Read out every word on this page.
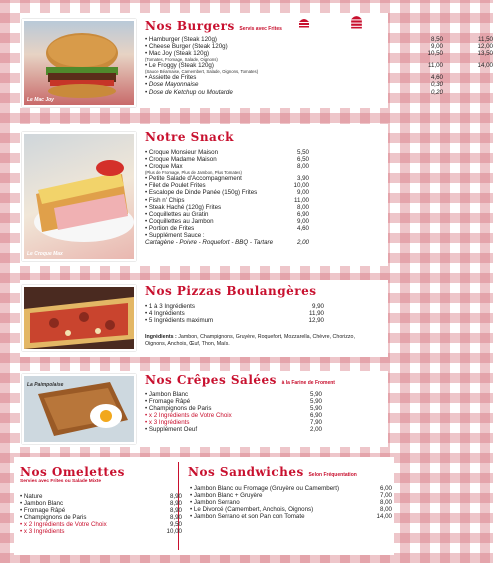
Le Mac Joy
Nos Burgers Servis avec Frites
• Hamburger (Steak 120g)	8,50	11,50
• Cheese Burger (Steak 120g)	9,00	12,00
• Mac Joy (Steak 120g)	10,50	13,50
(Tomates, Fromage, Salade, Oignons)
• Le Froggy (Steak 120g)	11,00	14,00
(Sauce Béarnaise, Camembert, Salade, Oignons, Tomates)
• Assiette de Frites	4,60
• Dose Mayonnaise	0,30
• Dose de Ketchup ou Moutarde	0,20
Le Croque Max
Notre Snack
• Croque Monsieur Maison	5,50
• Croque Madame Maison	6,50
• Croque Max	8,00
(Plus de Fromage, Plus de Jambon, Plus Tomates)
• Petite Salade d'Accompagnement	3,90
• Filet de Poulet Frites	10,00
• Escalope de Dinde Panée (150g) Frites	9,00
• Fish n' Chips	11,00
• Steak Haché (120g) Frites	8,00
• Coquillettes au Gratin	6,90
• Coquillettes au Jambon	9,00
• Portion de Frites	4,60
• Supplément Sauce :
Cartagène - Poivre - Roquefort - BBQ - Tartare	2,00
Nos Pizzas Boulangères
• 1 à 3 Ingrédients	9,90
• 4 Ingrédients	11,90
• 5 Ingrédients maximum	12,90
Ingrédients : Jambon, Champignons, Gruyère, Roquefort, Mozzarella, Chèvre, Chorizzo, Oignons, Anchois, Œuf, Thon, Maïs.
La Paimpolaise	Nos Crêpes Salées à la Farine de Froment
• Jambon Blanc	5,90
• Fromage Râpé	5,90
• Champignons de Paris	5,90
• x 2 Ingrédients de Votre Choix	6,90
• x 3 Ingrédients	7,90
• Supplément Oeuf	2,00
Nos Omelettes
Servies avec Frites ou Salade Mixte
• Nature	8,90
• Jambon Blanc	8,90
• Fromage Râpé	8,90
• Champignons de Paris	8,90
• x 2 Ingrédients de Votre Choix	9,50
• x 3 Ingrédients	10,00
Nos Sandwiches Selon Fréquentation
• Jambon Blanc ou Fromage (Gruyère ou Camembert)	6,00
• Jambon Blanc + Gruyère	7,00
• Jambon Serrano	8,00
• Le Divorcé (Camembert, Anchois, Oignons)	8,00
• Jambon Serrano et son Pan con Tomate	14,00
